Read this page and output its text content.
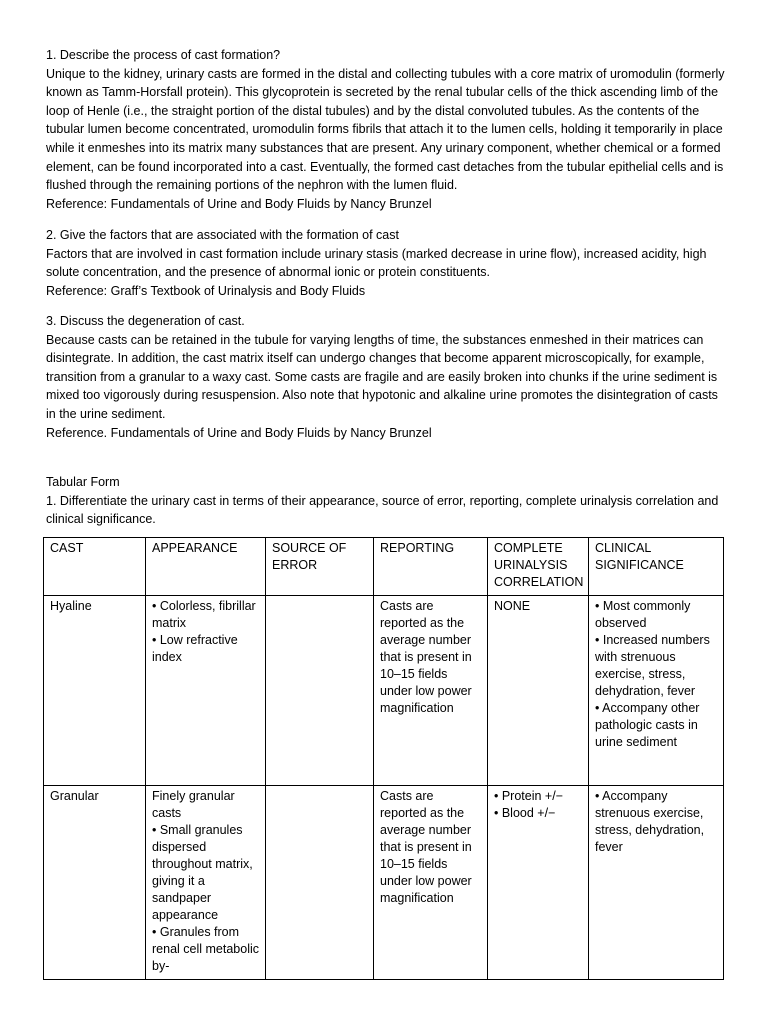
1. Describe the process of cast formation?

Unique to the kidney, urinary casts are formed in the distal and collecting tubules with a core matrix of uromodulin (formerly known as Tamm-Horsfall protein). This glycoprotein is secreted by the renal tubular cells of the thick ascending limb of the loop of Henle (i.e., the straight portion of the distal tubules) and by the distal convoluted tubules. As the contents of the tubular lumen become concentrated, uromodulin forms fibrils that attach it to the lumen cells, holding it temporarily in place while it enmeshes into its matrix many substances that are present. Any urinary component, whether chemical or a formed element, can be found incorporated into a cast. Eventually, the formed cast detaches from the tubular epithelial cells and is flushed through the remaining portions of the nephron with the lumen fluid.

Reference: Fundamentals of Urine and Body Fluids by Nancy Brunzel

2. Give the factors that are associated with the formation of cast

Factors that are involved in cast formation include urinary stasis (marked decrease in urine flow), increased acidity, high solute concentration, and the presence of abnormal ionic or protein constituents.

Reference: Graff’s Textbook of Urinalysis and Body Fluids

3. Discuss the degeneration of cast.

Because casts can be retained in the tubule for varying lengths of time, the substances enmeshed in their matrices can disintegrate. In addition, the cast matrix itself can undergo changes that become apparent microscopically, for example, transition from a granular to a waxy cast. Some casts are fragile and are easily broken into chunks if the urine sediment is mixed too vigorously during resuspension. Also note that hypotonic and alkaline urine promotes the disintegration of casts in the urine sediment.

Reference. Fundamentals of Urine and Body Fluids by Nancy Brunzel

Tabular Form

1. Differentiate the urinary cast in terms of their appearance, source of error, reporting, complete urinalysis correlation and clinical significance.

CAST	APPEARANCE	SOURCE OF ERROR	REPORTING	COMPLETE URINALYSIS CORRELATION	CLINICAL SIGNIFICANCE
Hyaline	• Colorless, fibrillar matrix
• Low refractive index		Casts are reported as the average number that is present in 10–15 fields under low power magnification	NONE	• Most commonly observed
• Increased numbers with strenuous exercise, stress, dehydration, fever
• Accompany other pathologic casts in urine sediment

Granular	Finely granular casts
• Small granules dispersed throughout matrix, giving it a sandpaper appearance
• Granules from renal cell metabolic by-		Casts are reported as the average number that is present in 10–15 fields under low power magnification	• Protein +/−
• Blood +/−	• Accompany strenuous exercise, stress, dehydration, fever
